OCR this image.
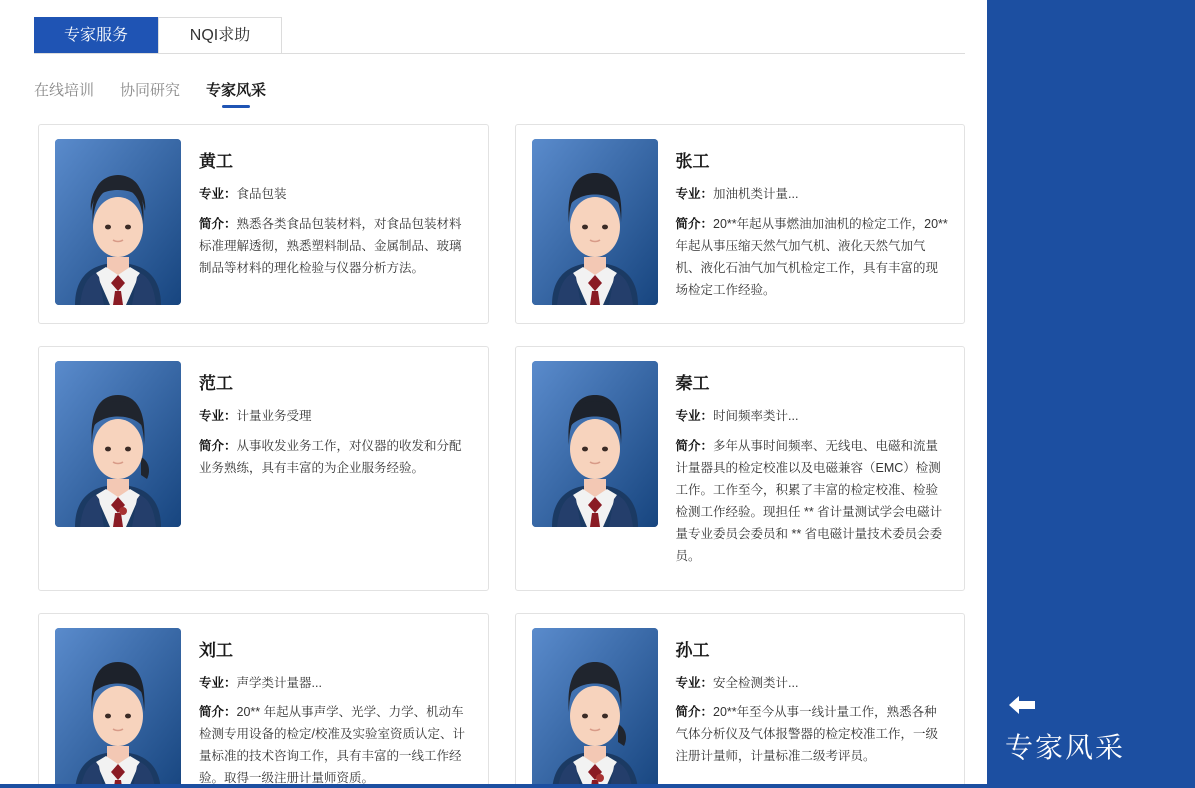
专家服务	NQI求助
在线培训 协同研究 专家风采
黄工
专业：食品包装
简介：熟悉各类食品包装材料，对食品包装材料标准理解透彻，熟悉塑料制品、金属制品、玻璃制品等材料的理化检验与仪器分析方法。
张工
专业：加油机类计量...
简介：20**年起从事燃油加油机的检定工作，20**年起从事压缩天然气加气机、液化天然气加气机、液化石油气加气机检定工作，具有丰富的现场检定工作经验。
范工
专业：计量业务受理
简介：从事收发业务工作，对仪器的收发和分配业务熟练，具有丰富的为企业服务经验。
秦工
专业：时间频率类计...
简介：多年从事时间频率、无线电、电磁和流量计量器具的检定校准以及电磁兼容（EMC）检测工作。工作至今，积累了丰富的检定校准、检验检测工作经验。现担任 ** 省计量测试学会电磁计量专业委员会委员和 ** 省电磁计量技术委员会委员。
刘工
专业：声学类计量器...
简介：20** 年起从事声学、光学、力学、机动车检测专用设备的检定/校准及实验室资质认定、计量标准的技术咨询工作，具有丰富的一线工作经验。取得一级注册计量师资质。
孙工
专业：安全检测类计...
简介：20**年至今从事一线计量工作，熟悉各种气体分析仪及气体报警器的检定校准工作，一级注册计量师，计量标准二级考评员。	专家风采
